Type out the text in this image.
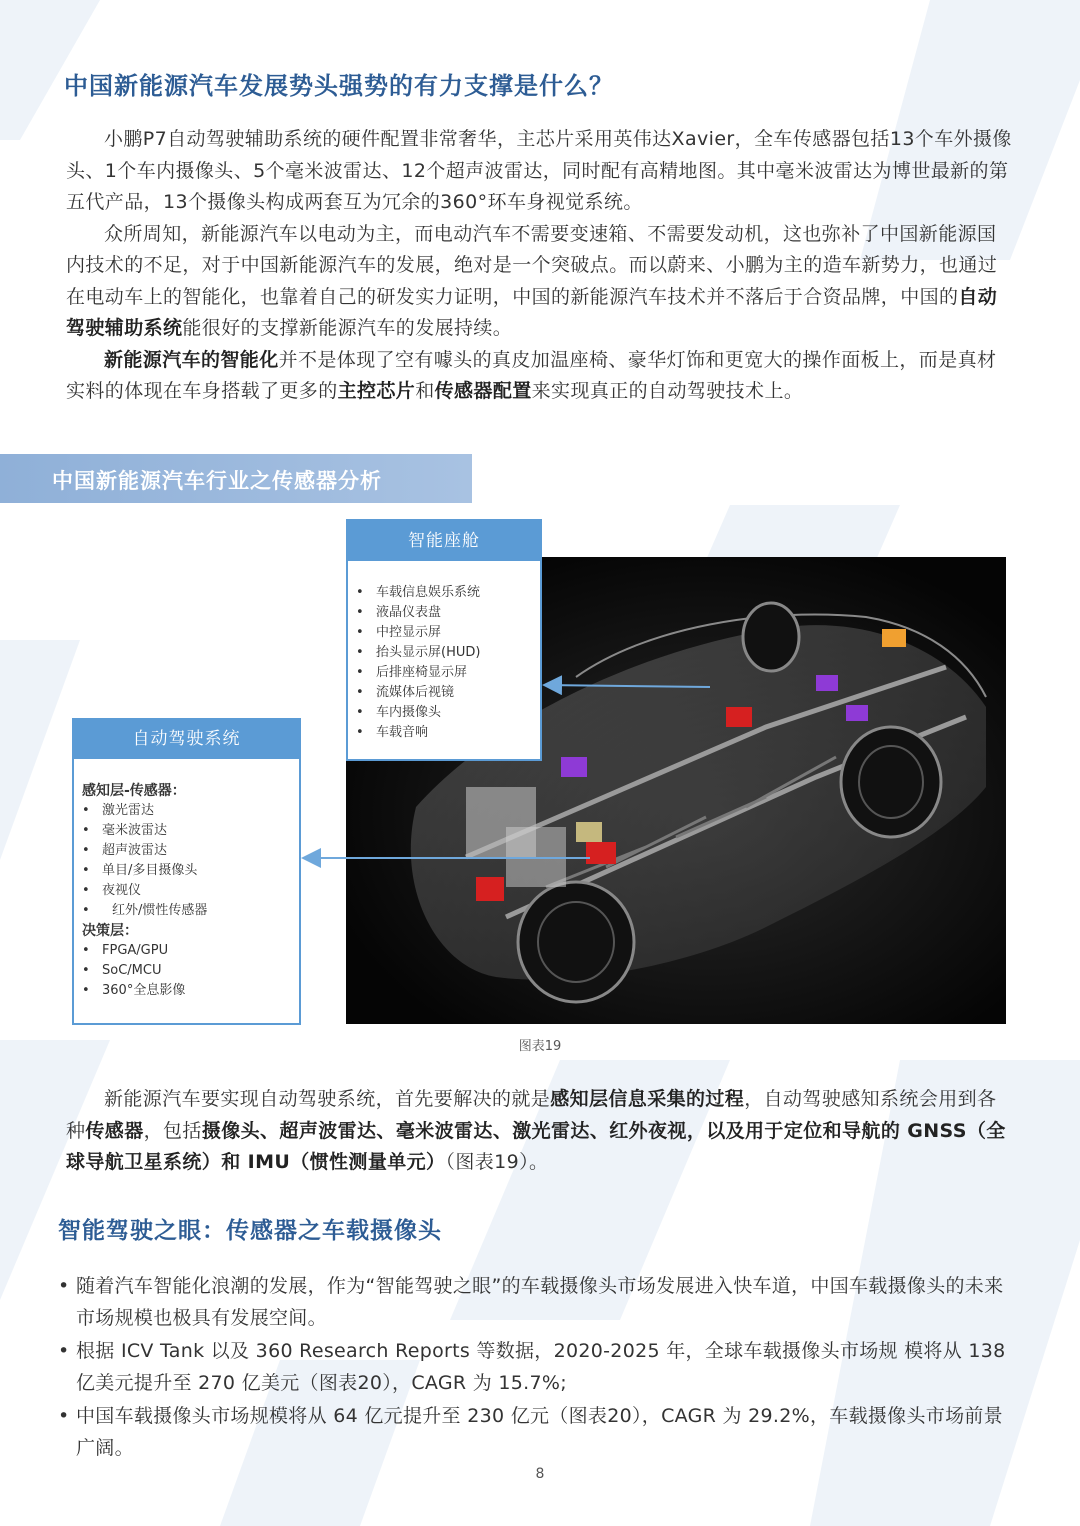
中国新能源汽车发展势头强势的有力支撑是什么？

小鹏P7自动驾驶辅助系统的硬件配置非常奢华，主芯片采用英伟达Xavier，全车传感器包括13个车外摄像头、1个车内摄像头、5个毫米波雷达、12个超声波雷达，同时配有高精地图。其中毫米波雷达为博世最新的第五代产品，13个摄像头构成两套互为冗余的360°环车身视觉系统。

众所周知，新能源汽车以电动为主，而电动汽车不需要变速箱、不需要发动机，这也弥补了中国新能源国内技术的不足，对于中国新能源汽车的发展，绝对是一个突破点。而以蔚来、小鹏为主的造车新势力，也通过在电动车上的智能化，也靠着自己的研发实力证明，中国的新能源汽车技术并不落后于合资品牌，中国的自动驾驶辅助系统能很好的支撑新能源汽车的发展持续。

新能源汽车的智能化并不是体现了空有噱头的真皮加温座椅、豪华灯饰和更宽大的操作面板上，而是真材实料的体现在车身搭载了更多的主控芯片和传感器配置来实现真正的自动驾驶技术上。

中国新能源汽车行业之传感器分析
智能座舱
• 车载信息娱乐系统
• 液晶仪表盘
• 中控显示屏
• 抬头显示屏(HUD)
• 后排座椅显示屏
• 流媒体后视镜
• 车内摄像头
• 车载音响
自动驾驶系统
感知层-传感器：
• 激光雷达
• 毫米波雷达
• 超声波雷达
• 单目/多目摄像头
• 夜视仪
• 红外/惯性传感器
决策层：
• FPGA/GPU
• SoC/MCU
• 360°全息影像
图表19

新能源汽车要实现自动驾驶系统，首先要解决的就是感知层信息采集的过程，自动驾驶感知系统会用到各种传感器，包括摄像头、超声波雷达、毫米波雷达、激光雷达、红外夜视，以及用于定位和导航的 GNSS（全球导航卫星系统）和 IMU（惯性测量单元）（图表19）。

智能驾驶之眼：传感器之车载摄像头
• 随着汽车智能化浪潮的发展，作为“智能驾驶之眼”的车载摄像头市场发展进入快车道，中国车载摄像头的未来市场规模也极具有发展空间。
• 根据 ICV Tank 以及 360 Research Reports 等数据，2020-2025 年，全球车载摄像头市场规 模将从 138 亿美元提升至 270 亿美元（图表20），CAGR 为 15.7%;
• 中国车载摄像头市场规模将从 64 亿元提升至 230 亿元（图表20），CAGR 为 29.2%，车载摄像头市场前景广阔。
8
